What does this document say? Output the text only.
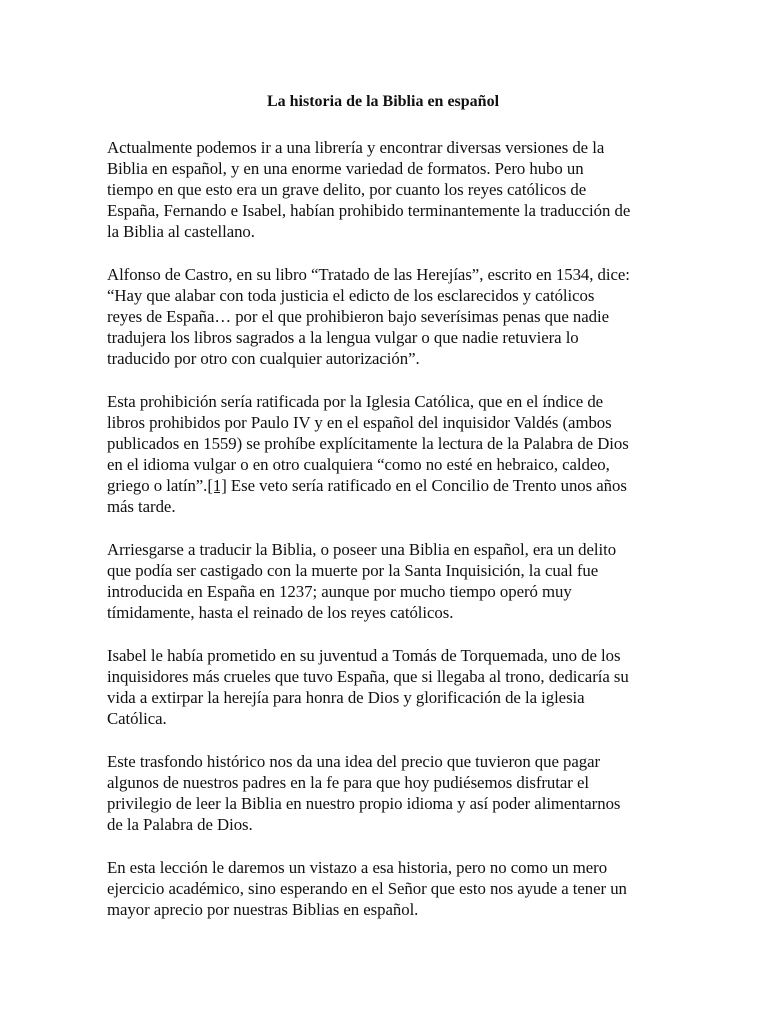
La historia de la Biblia en español
Actualmente podemos ir a una librería y encontrar diversas versiones de la
Biblia en español, y en una enorme variedad de formatos. Pero hubo un
tiempo en que esto era un grave delito, por cuanto los reyes católicos de
España, Fernando e Isabel, habían prohibido terminantemente la traducción de
la Biblia al castellano.
Alfonso de Castro, en su libro “Tratado de las Herejías”, escrito en 1534, dice:
“Hay que alabar con toda justicia el edicto de los esclarecidos y católicos
reyes de España… por el que prohibieron bajo severísimas penas que nadie
tradujera los libros sagrados a la lengua vulgar o que nadie retuviera lo
traducido por otro con cualquier autorización”.
Esta prohibición sería ratificada por la Iglesia Católica, que en el índice de
libros prohibidos por Paulo IV y en el español del inquisidor Valdés (ambos
publicados en 1559) se prohíbe explícitamente la lectura de la Palabra de Dios
en el idioma vulgar o en otro cualquiera “como no esté en hebraico, caldeo,
griego o latín”.[1] Ese veto sería ratificado en el Concilio de Trento unos años
más tarde.
Arriesgarse a traducir la Biblia, o poseer una Biblia en español, era un delito
que podía ser castigado con la muerte por la Santa Inquisición, la cual fue
introducida en España en 1237; aunque por mucho tiempo operó muy
tímidamente, hasta el reinado de los reyes católicos.
Isabel le había prometido en su juventud a Tomás de Torquemada, uno de los
inquisidores más crueles que tuvo España, que si llegaba al trono, dedicaría su
vida a extirpar la herejía para honra de Dios y glorificación de la iglesia
Católica.
Este trasfondo histórico nos da una idea del precio que tuvieron que pagar
algunos de nuestros padres en la fe para que hoy pudiésemos disfrutar el
privilegio de leer la Biblia en nuestro propio idioma y así poder alimentarnos
de la Palabra de Dios.
En esta lección le daremos un vistazo a esa historia, pero no como un mero
ejercicio académico, sino esperando en el Señor que esto nos ayude a tener un
mayor aprecio por nuestras Biblias en español.
